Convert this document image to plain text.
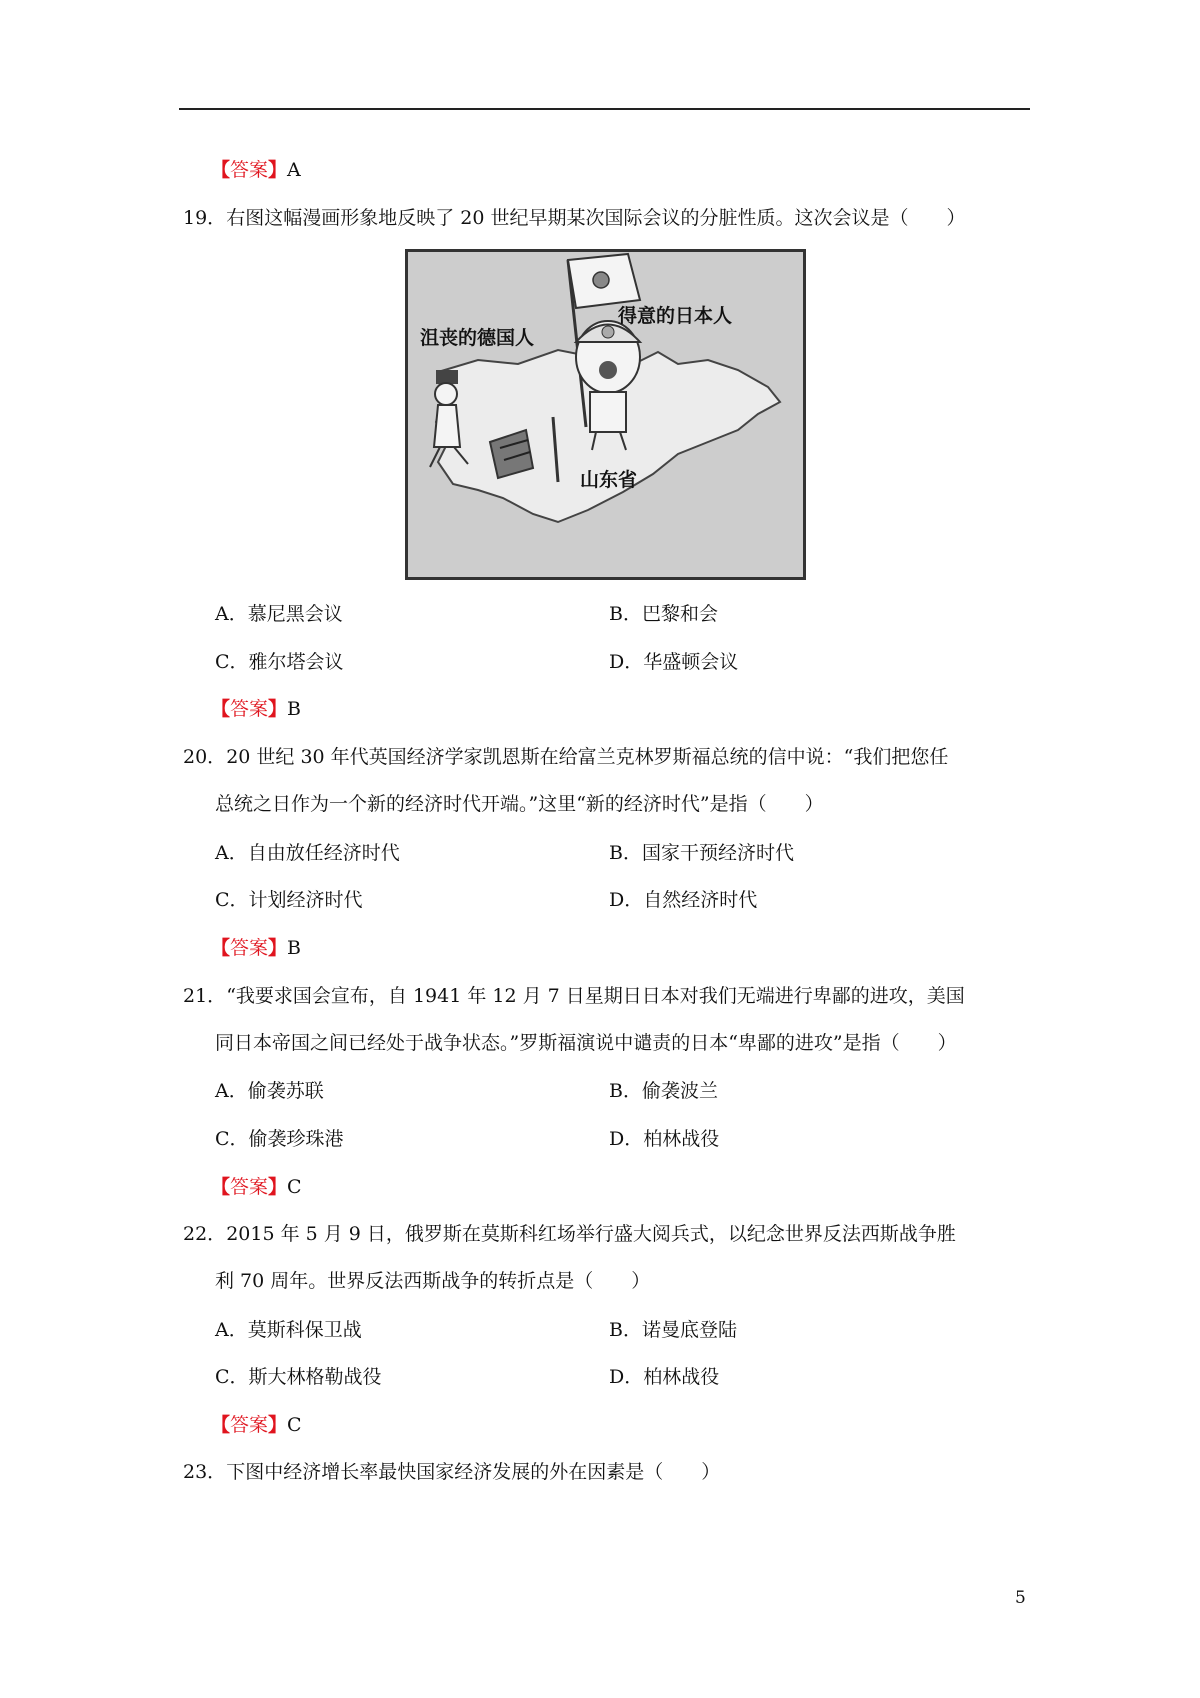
【答案】A
19．右图这幅漫画形象地反映了 20 世纪早期某次国际会议的分脏性质。这次会议是（　　）
沮丧的德国人
得意的日本人
山东省
A．慕尼黑会议	B．巴黎和会
C．雅尔塔会议	D．华盛顿会议
【答案】B
20．20 世纪 30 年代英国经济学家凯恩斯在给富兰克林罗斯福总统的信中说：“我们把您任
总统之日作为一个新的经济时代开端。”这里“新的经济时代”是指（　　）
A．自由放任经济时代	B．国家干预经济时代
C．计划经济时代	D．自然经济时代
【答案】B
21．“我要求国会宣布，自 1941 年 12 月 7 日星期日日本对我们无端进行卑鄙的进攻，美国
同日本帝国之间已经处于战争状态。”罗斯福演说中谴责的日本“卑鄙的进攻”是指（　　）
A．偷袭苏联	B．偷袭波兰
C．偷袭珍珠港	D．柏林战役
【答案】C
22．2015 年 5 月 9 日，俄罗斯在莫斯科红场举行盛大阅兵式，以纪念世界反法西斯战争胜
利 70 周年。世界反法西斯战争的转折点是（　　）
A．莫斯科保卫战	B．诺曼底登陆
C．斯大林格勒战役	D．柏林战役
【答案】C
23．下图中经济增长率最快国家经济发展的外在因素是（　　）
5
